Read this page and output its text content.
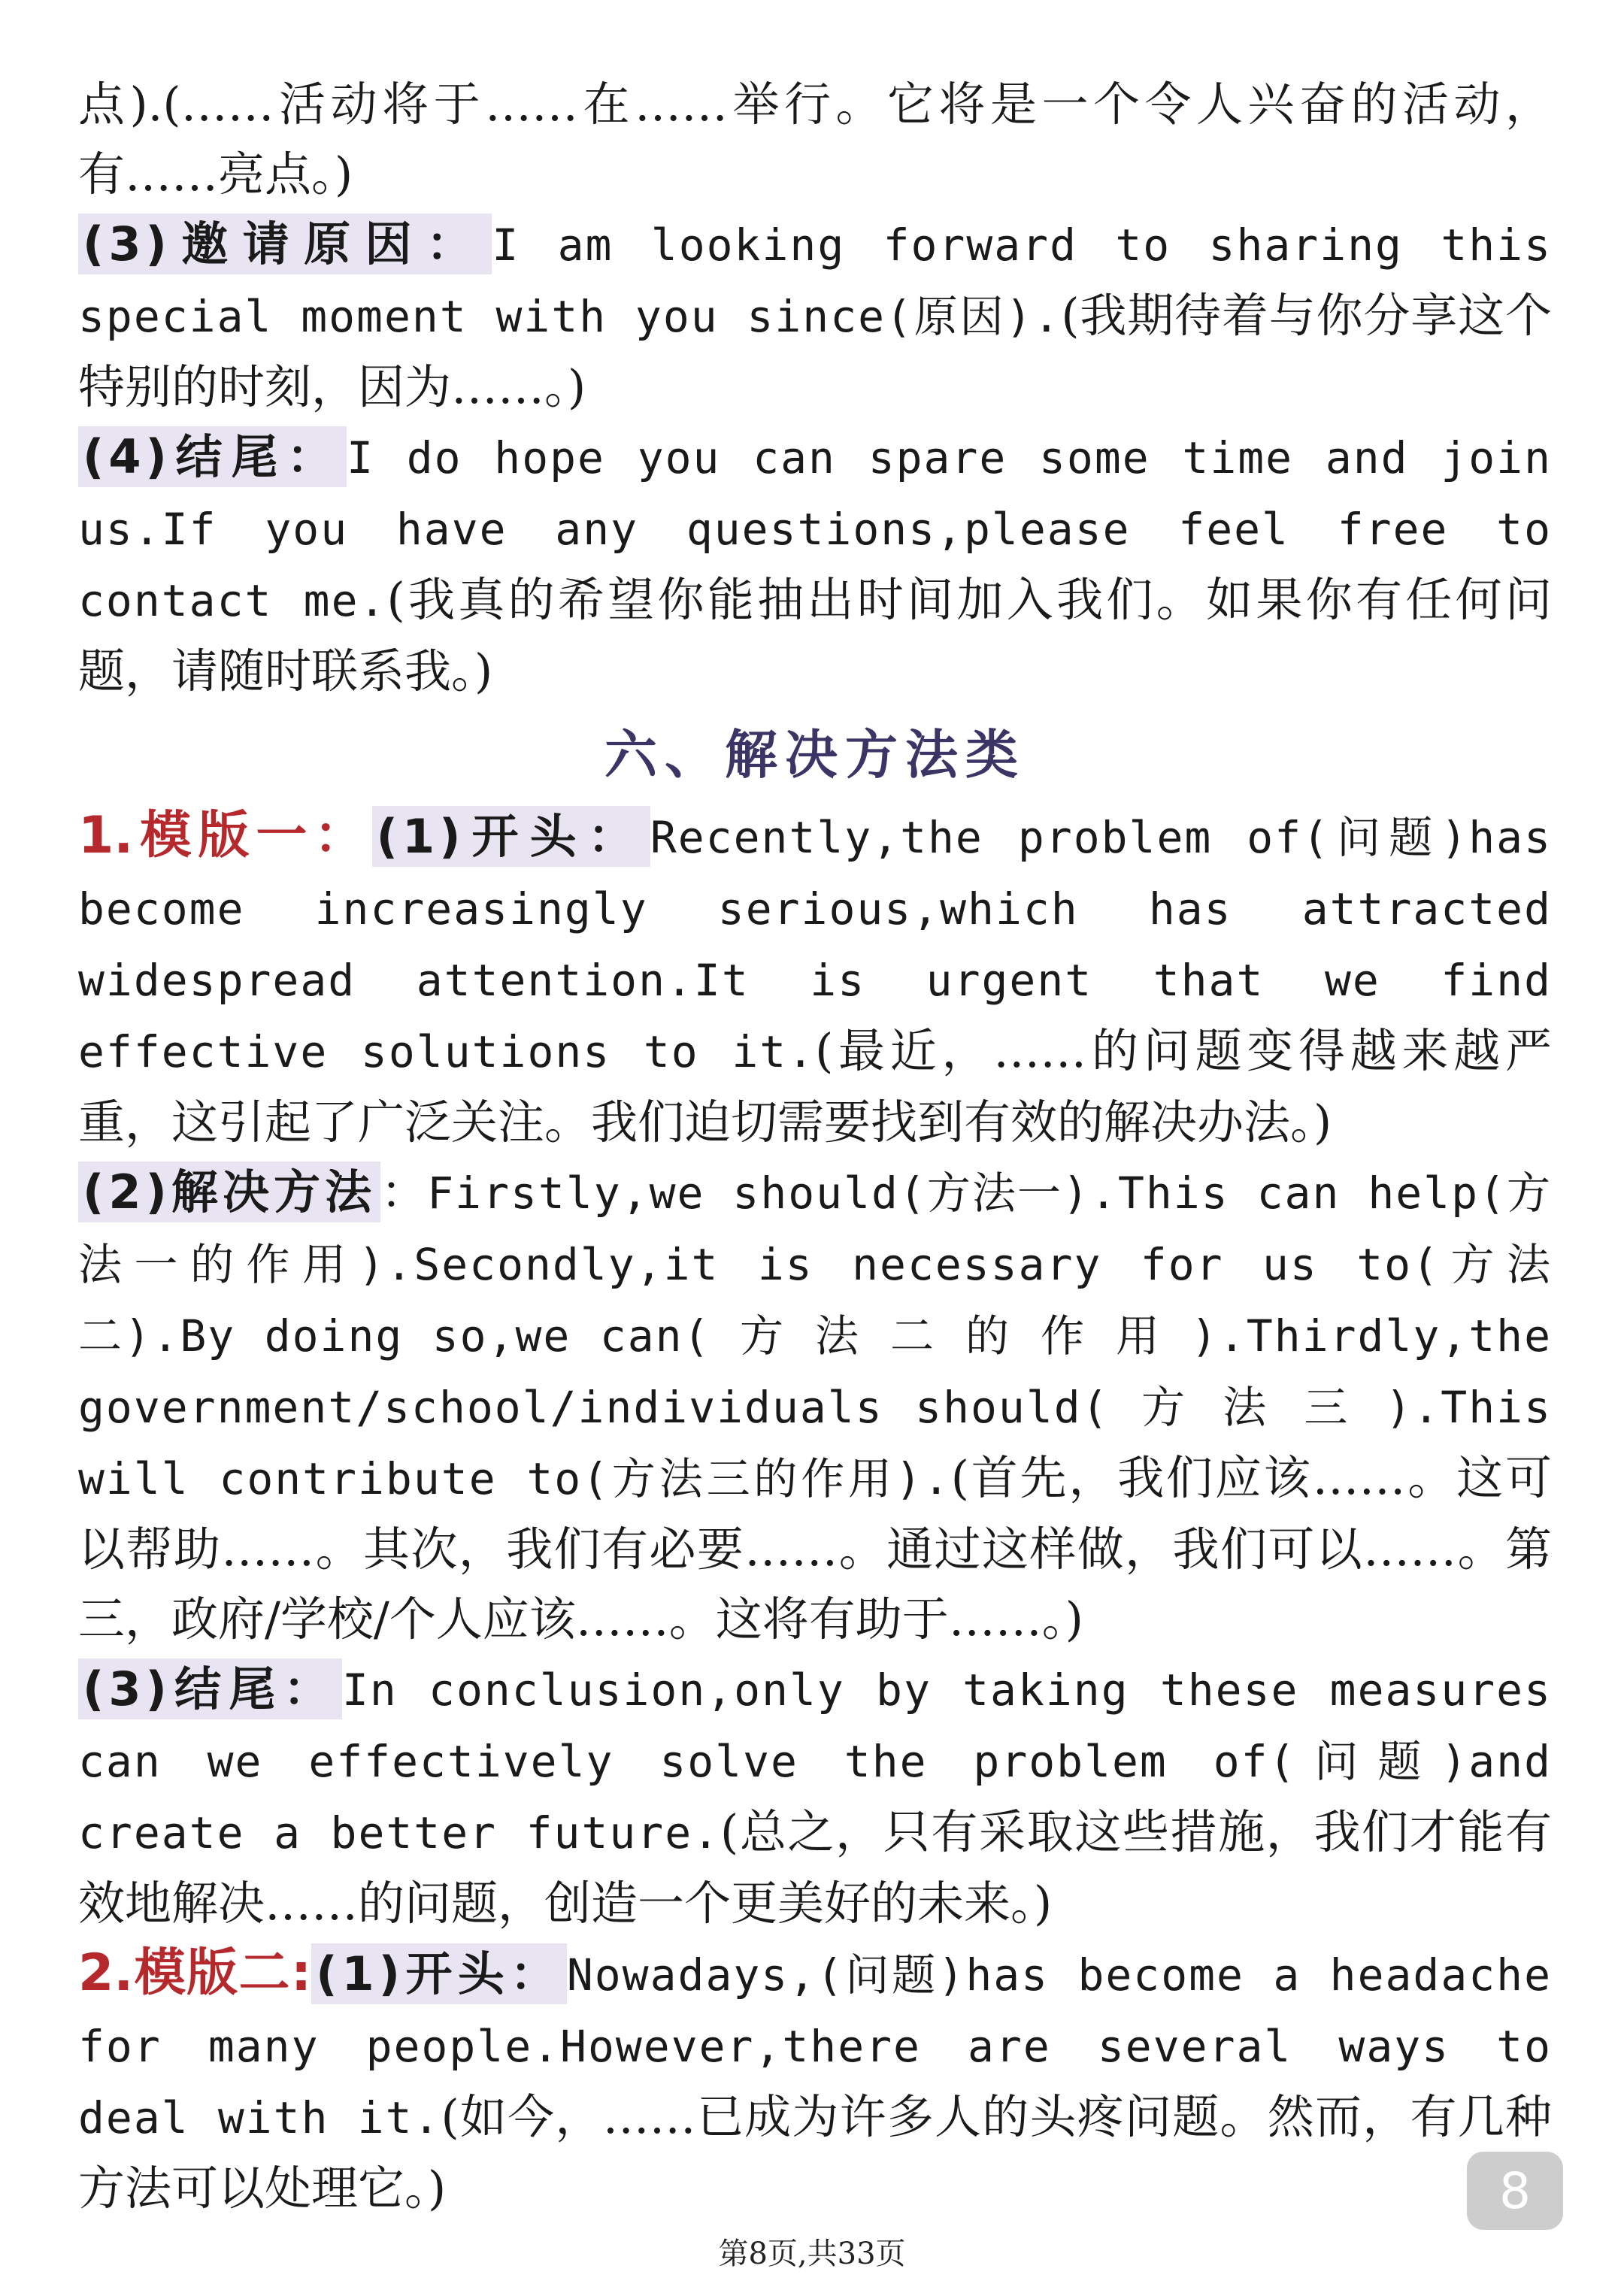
点).(……活动将于……在……举行。它将是一个令人兴奋的活动，有……亮点。)

(3)邀请原因： I am looking forward to sharing this special moment with you since(原因).(我期待着与你分享这个特别的时刻，因为……。)

(4)结尾： I do hope you can spare some time and join us.If you have any questions,please feel free to contact me.(我真的希望你能抽出时间加入我们。如果你有任何问题，请随时联系我。)

六、解决方法类

1.模版一：(1)开头： Recently,the problem of(问题)has become increasingly serious,which has attracted widespread attention.It is urgent that we find effective solutions to it.(最近，……的问题变得越来越严重，这引起了广泛关注。我们迫切需要找到有效的解决办法。)

(2)解决方法：Firstly,we should(方法一).This can help(方法一的作用).Secondly,it is necessary for us to(方法二).By doing so,we can( 方 法 二 的 作 用 ).Thirdly,the government/school/individuals should( 方 法 三 ).This will contribute to(方法三的作用).(首先，我们应该……。这可以帮助……。其次，我们有必要……。通过这样做，我们可以……。第三，政府/学校/个人应该……。这将有助于……。)

(3)结尾： In conclusion,only by taking these measures can we effectively solve the problem of(问题)and create a better future.(总之，只有采取这些措施，我们才能有效地解决……的问题，创造一个更美好的未来。)

2.模版二:(1)开头： Nowadays,(问题)has become a headache for many people.However,there are several ways to deal with it.(如今，……已成为许多人的头疼问题。然而，有几种方法可以处理它。)	8
第8页,共33页
